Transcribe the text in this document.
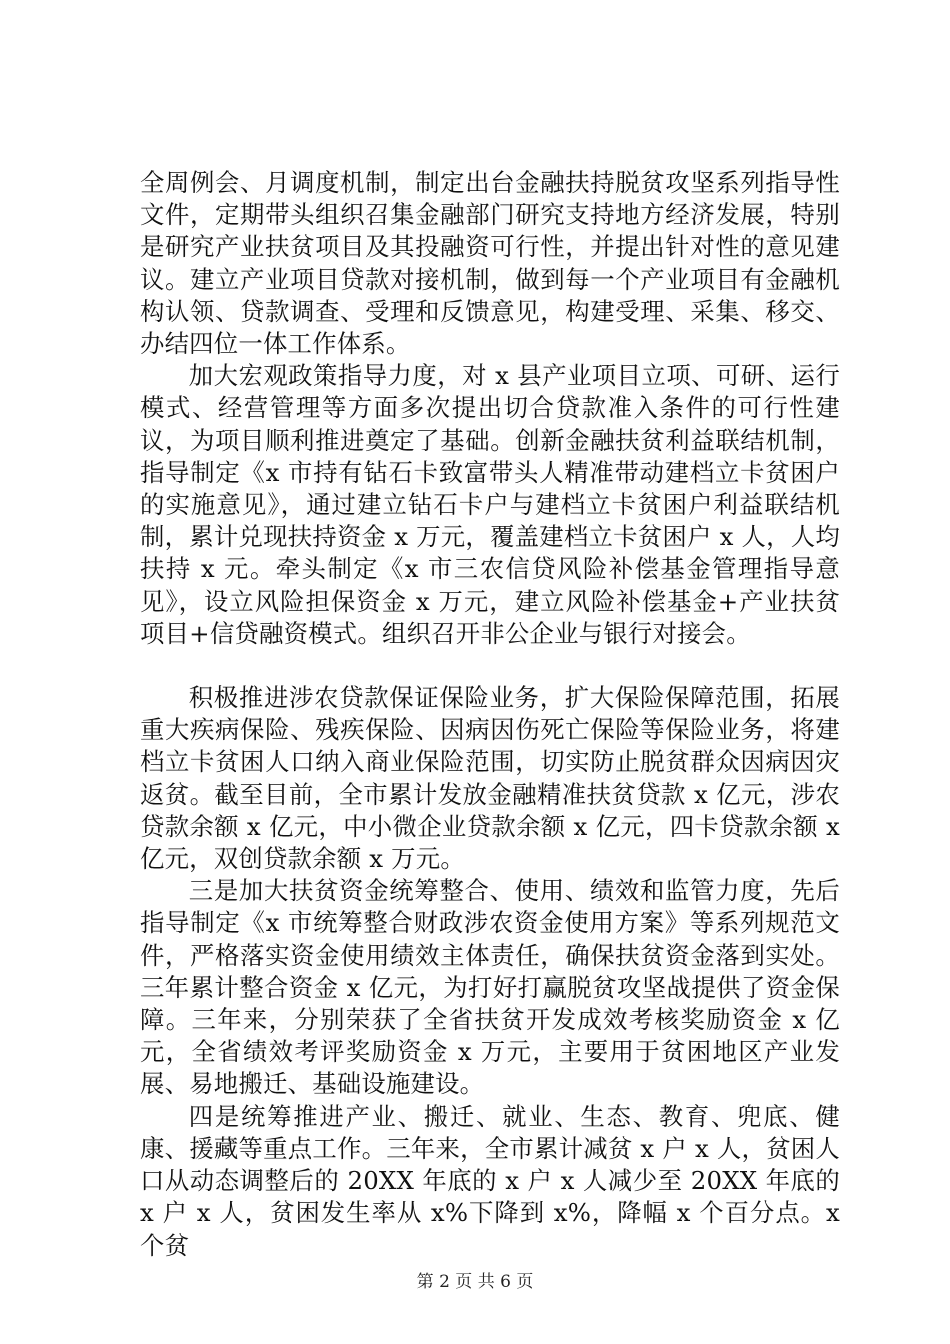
全周例会、月调度机制，制定出台金融扶持脱贫攻坚系列指导性文件，定期带头组织召集金融部门研究支持地方经济发展，特别是研究产业扶贫项目及其投融资可行性，并提出针对性的意见建议。建立产业项目贷款对接机制，做到每一个产业项目有金融机构认领、贷款调查、受理和反馈意见，构建受理、采集、移交、办结四位一体工作体系。

加大宏观政策指导力度，对 x 县产业项目立项、可研、运行模式、经营管理等方面多次提出切合贷款准入条件的可行性建议，为项目顺利推进奠定了基础。创新金融扶贫利益联结机制，指导制定《x 市持有钻石卡致富带头人精准带动建档立卡贫困户的实施意见》，通过建立钻石卡户与建档立卡贫困户利益联结机制，累计兑现扶持资金 x 万元，覆盖建档立卡贫困户 x 人，人均扶持 x 元。牵头制定《x 市三农信贷风险补偿基金管理指导意见》，设立风险担保资金 x 万元，建立风险补偿基金+产业扶贫项目+信贷融资模式。组织召开非公企业与银行对接会。

积极推进涉农贷款保证保险业务，扩大保险保障范围，拓展重大疾病保险、残疾保险、因病因伤死亡保险等保险业务，将建档立卡贫困人口纳入商业保险范围，切实防止脱贫群众因病因灾返贫。截至目前，全市累计发放金融精准扶贫贷款 x 亿元，涉农贷款余额 x 亿元，中小微企业贷款余额 x 亿元，四卡贷款余额 x 亿元，双创贷款余额 x 万元。

三是加大扶贫资金统筹整合、使用、绩效和监管力度，先后指导制定《x 市统筹整合财政涉农资金使用方案》等系列规范文件，严格落实资金使用绩效主体责任，确保扶贫资金落到实处。三年累计整合资金 x 亿元，为打好打赢脱贫攻坚战提供了资金保障。三年来，分别荣获了全省扶贫开发成效考核奖励资金 x 亿元，全省绩效考评奖励资金 x 万元，主要用于贫困地区产业发展、易地搬迁、基础设施建设。

四是统筹推进产业、搬迁、就业、生态、教育、兜底、健康、援藏等重点工作。三年来，全市累计减贫 x 户 x 人，贫困人口从动态调整后的 20XX 年底的 x 户 x 人减少至 20XX 年底的 x 户 x 人，贫困发生率从 x%下降到 x%，降幅 x 个百分点。x 个贫

第 2 页 共 6 页
